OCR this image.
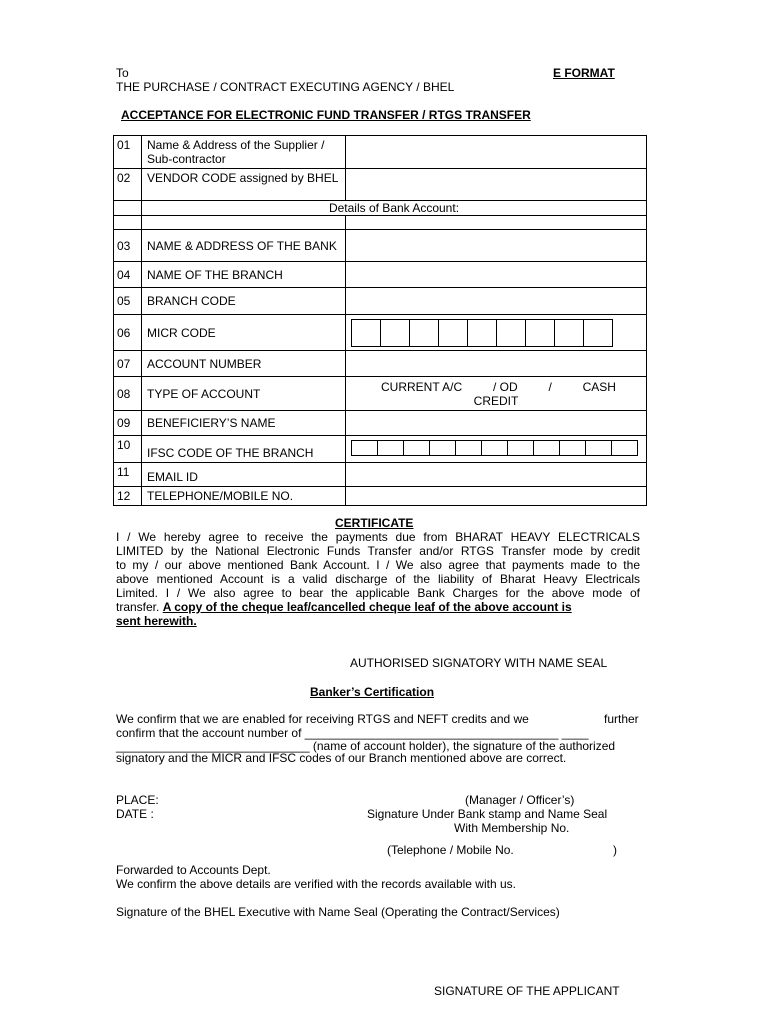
To	E FORMAT
THE PURCHASE / CONTRACT EXECUTING AGENCY / BHEL
ACCEPTANCE FOR ELECTRONIC FUND TRANSFER / RTGS TRANSFER
01	Name & Address of the Supplier / Sub-contractor	
02	VENDOR CODE assigned by BHEL	
	Details of Bank Account:	

03	NAME & ADDRESS OF THE BANK	
04	NAME OF THE BRANCH	
05	BRANCH CODE	
06	MICR CODE	

07	ACCOUNT NUMBER	
08	TYPE OF ACCOUNT	CURRENT A/C / OD / CASH
CREDIT

09	BENEFICIERY’S NAME	
10	IFSC CODE OF THE BRANCH	

11	EMAIL ID	
12	TELEPHONE/MOBILE NO.	
CERTIFICATE
I / We hereby agree to receive the payments due from BHARAT HEAVY ELECTRICALS
LIMITED by the National Electronic Funds Transfer and/or RTGS Transfer mode by credit
to my / our above mentioned Bank Account. I / We also agree that payments made to the
above mentioned Account is a valid discharge of the liability of Bharat Heavy Electricals
Limited. I / We also agree to bear the applicable Bank Charges for the above mode of
transfer. A copy of the cheque leaf/cancelled cheque leaf of the above account is
sent herewith.
AUTHORISED SIGNATORY WITH NAME SEAL
Banker’s Certification
We confirm that we are enabled for receiving RTGS and NEFT credits and we	further
confirm that the account number of ______________________________________ ____
_____________________________ (name of account holder), the signature of the authorized
signatory and the MICR and IFSC codes of our Branch mentioned above are correct.
PLACE:
DATE :
(Manager / Officer’s)
Signature Under Bank stamp and Name Seal
With Membership No.
(Telephone / Mobile No.	)
Forwarded to Accounts Dept.
We confirm the above details are verified with the records available with us.
Signature of the BHEL Executive with Name Seal (Operating the Contract/Services)
SIGNATURE OF THE APPLICANT
